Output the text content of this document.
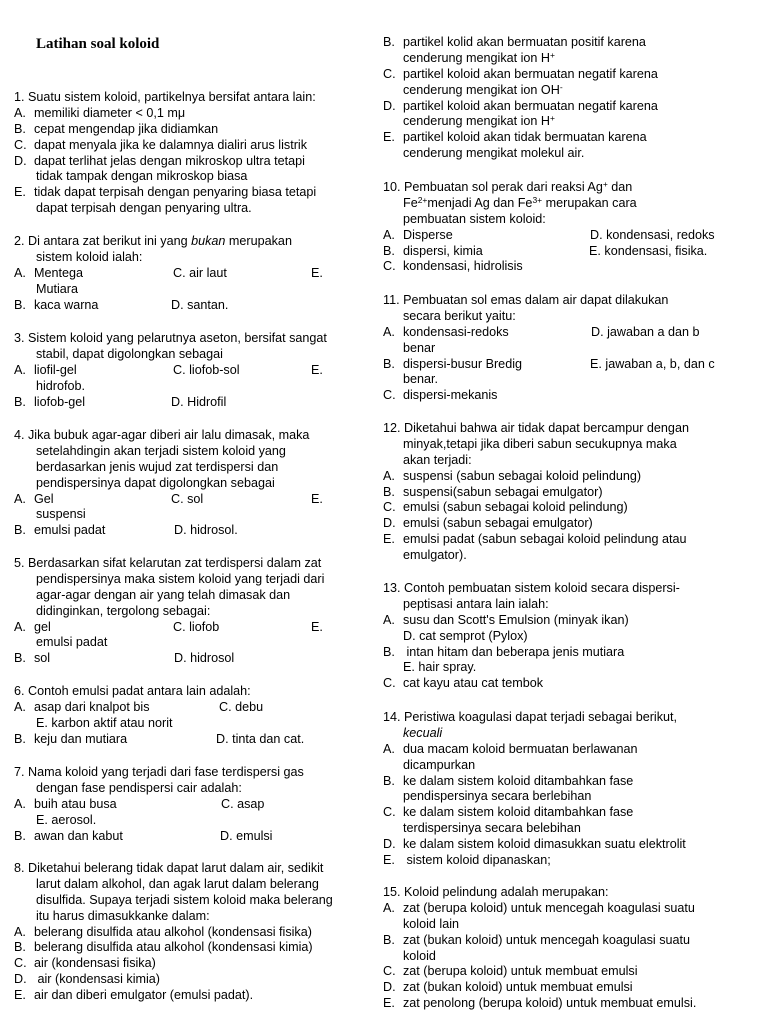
Latihan soal koloid
1. Suatu sistem koloid, partikelnya bersifat antara lain:
A. memiliki diameter < 0,1 mμ
B. cepat mengendap jika didiamkan
C. dapat menyala jika ke dalamnya dialiri arus listrik
D. dapat terlihat jelas dengan mikroskop ultra tetapi
tidak tampak dengan mikroskop biasa
E. tidak dapat terpisah dengan penyaring biasa tetapi
dapat terpisah dengan penyaring ultra.
2. Di antara zat berikut ini yang bukan merupakan
sistem koloid ialah:
A. Mentega	C. air laut	E.
Mutiara
B. kaca warna	D. santan.
3. Sistem koloid yang pelarutnya aseton, bersifat sangat
stabil, dapat digolongkan sebagai
A. liofil-gel	C. liofob-sol	E.
hidrofob.
B. liofob-gel	D. Hidrofil
4. Jika bubuk agar-agar diberi air lalu dimasak, maka
setelahdingin akan terjadi sistem koloid yang
berdasarkan jenis wujud zat terdispersi dan
pendispersinya dapat digolongkan sebagai
A. Gel	C. sol	E.
suspensi
B. emulsi padat	D. hidrosol.
5. Berdasarkan sifat kelarutan zat terdispersi dalam zat
pendispersinya maka sistem koloid yang terjadi dari
agar-agar dengan air yang telah dimasak dan
didinginkan, tergolong sebagai:
A. gel	C. liofob	E.
emulsi padat
B. sol	D. hidrosol
6. Contoh emulsi padat antara lain adalah:
A. asap dari knalpot bis	C. debu
E. karbon aktif atau norit
B. keju dan mutiara	D. tinta dan cat.
7. Nama koloid yang terjadi dari fase terdispersi gas
dengan fase pendispersi cair adalah:
A. buih atau busa	C. asap
E. aerosol.
B. awan dan kabut	D. emulsi
8. Diketahui belerang tidak dapat larut dalam air, sedikit
larut dalam alkohol, dan agak larut dalam belerang
disulfida. Supaya terjadi sistem koloid maka belerang
itu harus dimasukkanke dalam:
A. belerang disulfida atau alkohol (kondensasi fisika)
B. belerang disulfida atau alkohol (kondensasi kimia)
C. air (kondensasi fisika)
D. air (kondensasi kimia)
E. air dan diberi emulgator (emulsi padat).
B. partikel kolid akan bermuatan positif karena
cenderung mengikat ion H+
C. partikel koloid akan bermuatan negatif karena
cenderung mengikat ion OH-
D. partikel koloid akan bermuatan negatif karena
cenderung mengikat ion H+
E. partikel koloid akan tidak bermuatan karena
cenderung mengikat molekul air.
10. Pembuatan sol perak dari reaksi Ag+ dan
$Fe^{2+}menjadi$ Ag dan $Fe^{3+}$ merupakan cara
pembuatan sistem koloid:
A. Disperse	D. kondensasi, redoks
B. dispersi, kimia	E. kondensasi, fisika.
C. kondensasi, hidrolisis
11. Pembuatan sol emas dalam air dapat dilakukan
secara berikut yaitu:
A. kondensasi-redoks	D. jawaban a dan b
benar
B. dispersi-busur Bredig	E. jawaban a, b, dan c
benar.
C. dispersi-mekanis
12. Diketahui bahwa air tidak dapat bercampur dengan
minyak,tetapi jika diberi sabun secukupnya maka
akan terjadi:
A. suspensi (sabun sebagai koloid pelindung)
B. suspensi(sabun sebagai emulgator)
C. emulsi (sabun sebagai koloid pelindung)
D. emulsi (sabun sebagai emulgator)
E. emulsi padat (sabun sebagai koloid pelindung atau
emulgator).
13. Contoh pembuatan sistem koloid secara dispersi-
peptisasi antara lain ialah:
A. susu dan Scott's Emulsion (minyak ikan)
D. cat semprot (Pylox)
B. intan hitam dan beberapa jenis mutiara
E. hair spray.
C. cat kayu atau cat tembok
14. Peristiwa koagulasi dapat terjadi sebagai berikut,
kecuali
A. dua macam koloid bermuatan berlawanan
dicampurkan
B. ke dalam sistem koloid ditambahkan fase
pendispersinya secara berlebihan
C. ke dalam sistem koloid ditambahkan fase
terdispersinya secara belebihan
D. ke dalam sistem koloid dimasukkan suatu elektrolit
E. sistem koloid dipanaskan;
15. Koloid pelindung adalah merupakan:
A. zat (berupa koloid) untuk mencegah koagulasi suatu
koloid lain
B. zat (bukan koloid) untuk mencegah koagulasi suatu
koloid
C. zat (berupa koloid) untuk membuat emulsi
D. zat (bukan koloid) untuk membuat emulsi
E. zat penolong (berupa koloid) untuk membuat emulsi.
